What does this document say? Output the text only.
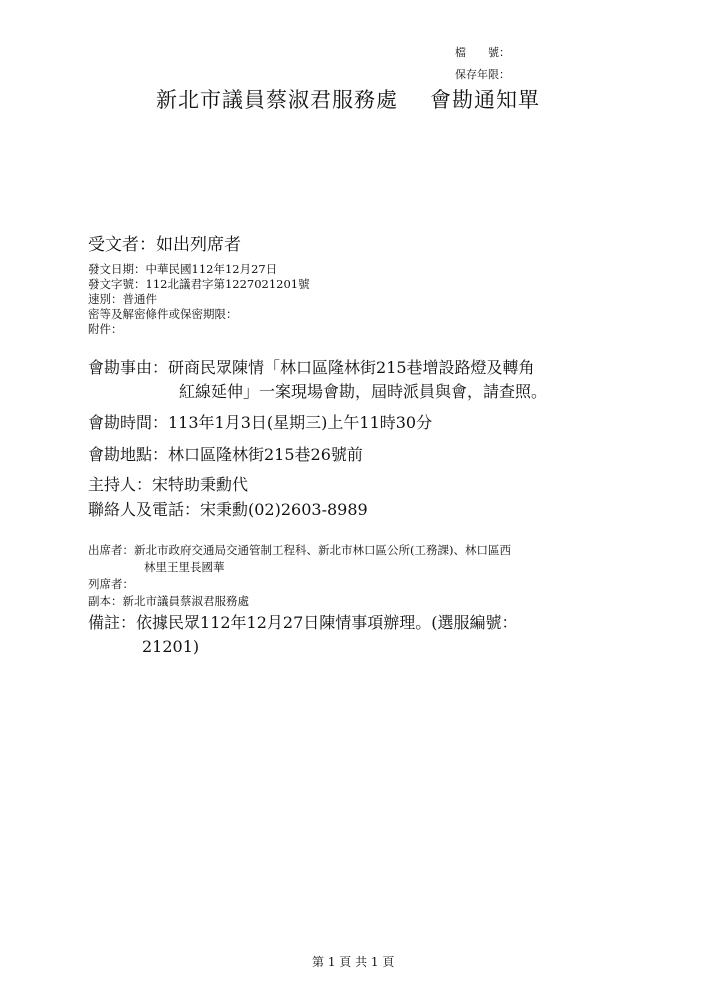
檔　　號：
保存年限：
新北市議員蔡淑君服務處 會勘通知單
受文者：如出列席者
發文日期：中華民國112年12月27日
發文字號：112北議君字第1227021201號
速別：普通件
密等及解密條件或保密期限：
附件：
會勘事由： 研商民眾陳情「林口區隆林街215巷增設路燈及轉角
紅線延伸」一案現場會勘，屆時派員與會，請查照。
會勘時間：113年1月3日(星期三)上午11時30分
會勘地點：林口區隆林街215巷26號前
主持人：宋特助秉勳代
聯絡人及電話：宋秉勳(02)2603-8989
出席者： 新北市政府交通局交通管制工程科、新北市林口區公所(工務課)、林口區西
林里王里長國華
列席者：
副本：新北市議員蔡淑君服務處
備註： 依據民眾112年12月27日陳情事項辦理。(選服編號：
21201)
第 1 頁 共 1 頁
